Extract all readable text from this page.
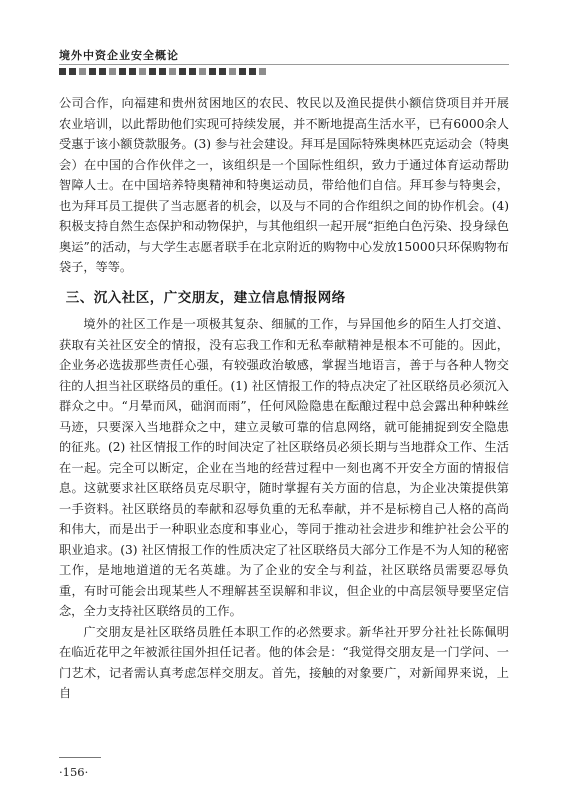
境外中资企业安全概论

公司合作，向福建和贵州贫困地区的农民、牧民以及渔民提供小额信贷项目并开展农业培训，以此帮助他们实现可持续发展，并不断地提高生活水平，已有6000余人受惠于该小额贷款服务。(3) 参与社会建设。拜耳是国际特殊奥林匹克运动会（特奥会）在中国的合作伙伴之一，该组织是一个国际性组织，致力于通过体育运动帮助智障人士。在中国培养特奥精神和特奥运动员，带给他们自信。拜耳参与特奥会，也为拜耳员工提供了当志愿者的机会，以及与不同的合作组织之间的协作机会。(4) 积极支持自然生态保护和动物保护，与其他组织一起开展“拒绝白色污染、投身绿色奥运”的活动，与大学生志愿者联手在北京附近的购物中心发放15000只环保购物布袋子，等等。

三、沉入社区，广交朋友，建立信息情报网络

境外的社区工作是一项极其复杂、细腻的工作，与异国他乡的陌生人打交道、获取有关社区安全的情报，没有忘我工作和无私奉献精神是根本不可能的。因此，企业务必选拔那些责任心强，有较强政治敏感，掌握当地语言，善于与各种人物交往的人担当社区联络员的重任。(1) 社区情报工作的特点决定了社区联络员必须沉入群众之中。“月晕而风，础润而雨”，任何风险隐患在酝酿过程中总会露出种种蛛丝马迹，只要深入当地群众之中，建立灵敏可靠的信息网络，就可能捕捉到安全隐患的征兆。(2) 社区情报工作的时间决定了社区联络员必须长期与当地群众工作、生活在一起。完全可以断定，企业在当地的经营过程中一刻也离不开安全方面的情报信息。这就要求社区联络员克尽职守，随时掌握有关方面的信息，为企业决策提供第一手资料。社区联络员的奉献和忍辱负重的无私奉献，并不是标榜自己人格的高尚和伟大，而是出于一种职业态度和事业心，等同于推动社会进步和维护社会公平的职业追求。(3) 社区情报工作的性质决定了社区联络员大部分工作是不为人知的秘密工作，是地地道道的无名英雄。为了企业的安全与利益，社区联络员需要忍辱负重，有时可能会出现某些人不理解甚至误解和非议，但企业的中高层领导要坚定信念，全力支持社区联络员的工作。

广交朋友是社区联络员胜任本职工作的必然要求。新华社开罗分社社长陈佩明在临近花甲之年被派往国外担任记者。他的体会是：“我觉得交朋友是一门学问、一门艺术，记者需认真考虑怎样交朋友。首先，接触的对象要广，对新闻界来说，上自

·156·
